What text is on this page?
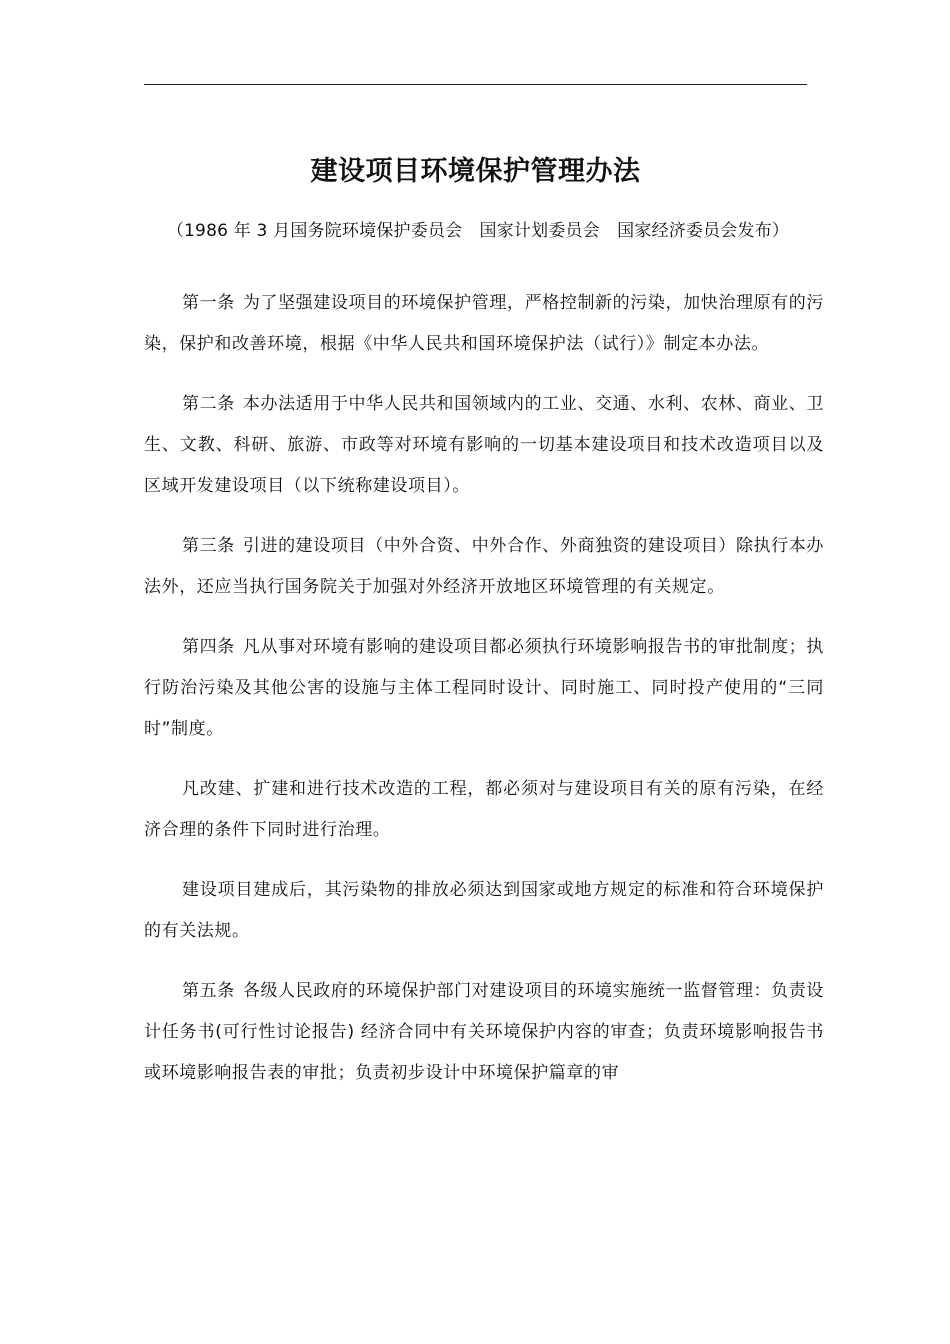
建设项目环境保护管理办法
（1986 年 3 月国务院环境保护委员会　国家计划委员会　国家经济委员会发布）

第一条 为了坚强建设项目的环境保护管理，严格控制新的污染，加快治理原有的污染，保护和改善环境，根据《中华人民共和国环境保护法（试行）》制定本办法。

第二条 本办法适用于中华人民共和国领域内的工业、交通、水利、农林、商业、卫生、文教、科研、旅游、市政等对环境有影响的一切基本建设项目和技术改造项目以及区域开发建设项目（以下统称建设项目）。

第三条 引进的建设项目（中外合资、中外合作、外商独资的建设项目）除执行本办法外，还应当执行国务院关于加强对外经济开放地区环境管理的有关规定。

第四条 凡从事对环境有影响的建设项目都必须执行环境影响报告书的审批制度；执行防治污染及其他公害的设施与主体工程同时设计、同时施工、同时投产使用的“三同时”制度。

凡改建、扩建和进行技术改造的工程，都必须对与建设项目有关的原有污染，在经济合理的条件下同时进行治理。

建设项目建成后，其污染物的排放必须达到国家或地方规定的标准和符合环境保护的有关法规。

第五条 各级人民政府的环境保护部门对建设项目的环境实施统一监督管理：负责设计任务书(可行性讨论报告) 经济合同中有关环境保护内容的审查；负责环境影响报告书或环境影响报告表的审批；负责初步设计中环境保护篇章的审
